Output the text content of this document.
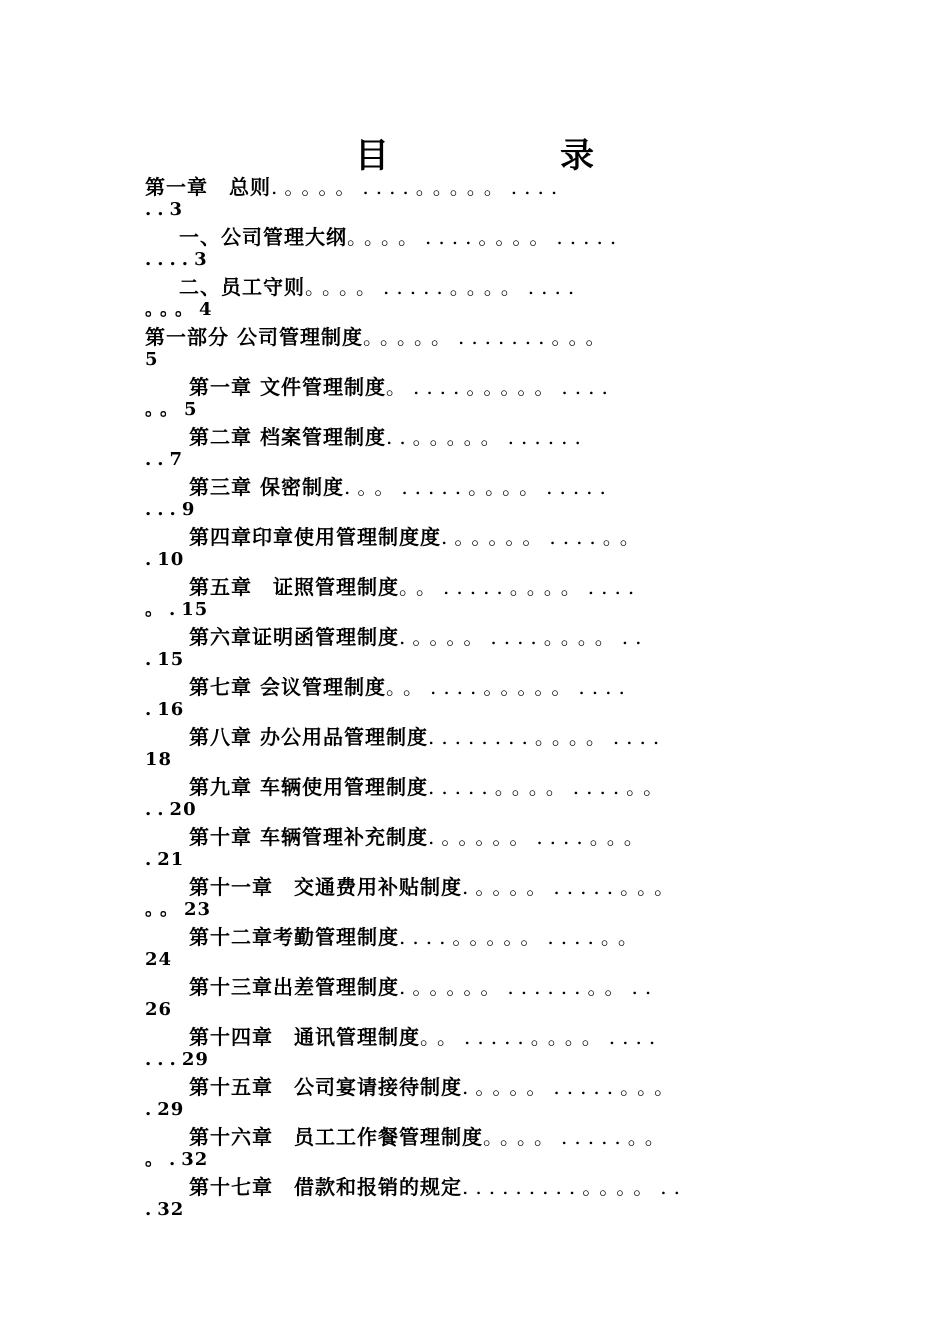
目	录
第一章　总则.。。。。....。。。。。....
..3
一、公司管理大纲。。。。....。。。。.....
....3
二、员工守则。。。。.....。。。。....
。。。4
第一部分 公司管理制度。。。。。.......。。。
5
第一章 文件管理制度。....。。。。。....
。。5
第二章 档案管理制度..。。。。。......
..7
第三章 保密制度.。。.....。。。。.....
...9
第四章印章使用管理制度度.。。。。。....。。
.10
第五章　证照管理制度。。.....。。。。....
。.15
第六章证明函管理制度.。。。。....。。。。..
.15
第七章 会议管理制度。。....。。。。。....
.16
第八章 办公用品管理制度........。。。。....
18
第九章 车辆使用管理制度.....。。。。....。。
..20
第十章 车辆管理补充制度.。。。。。....。。。
.21
第十一章　交通费用补贴制度.。。。。.....。。。
。。23
第十二章考勤管理制度....。。。。。....。。
24
第十三章出差管理制度.。。。。。......。。..
26
第十四章　通讯管理制度。。.....。。。。....
...29
第十五章　公司宴请接待制度.。。。。.....。。。
.29
第十六章　员工工作餐管理制度。。。。.....。。
。.32
第十七章　借款和报销的规定.........。。。。..
.32
